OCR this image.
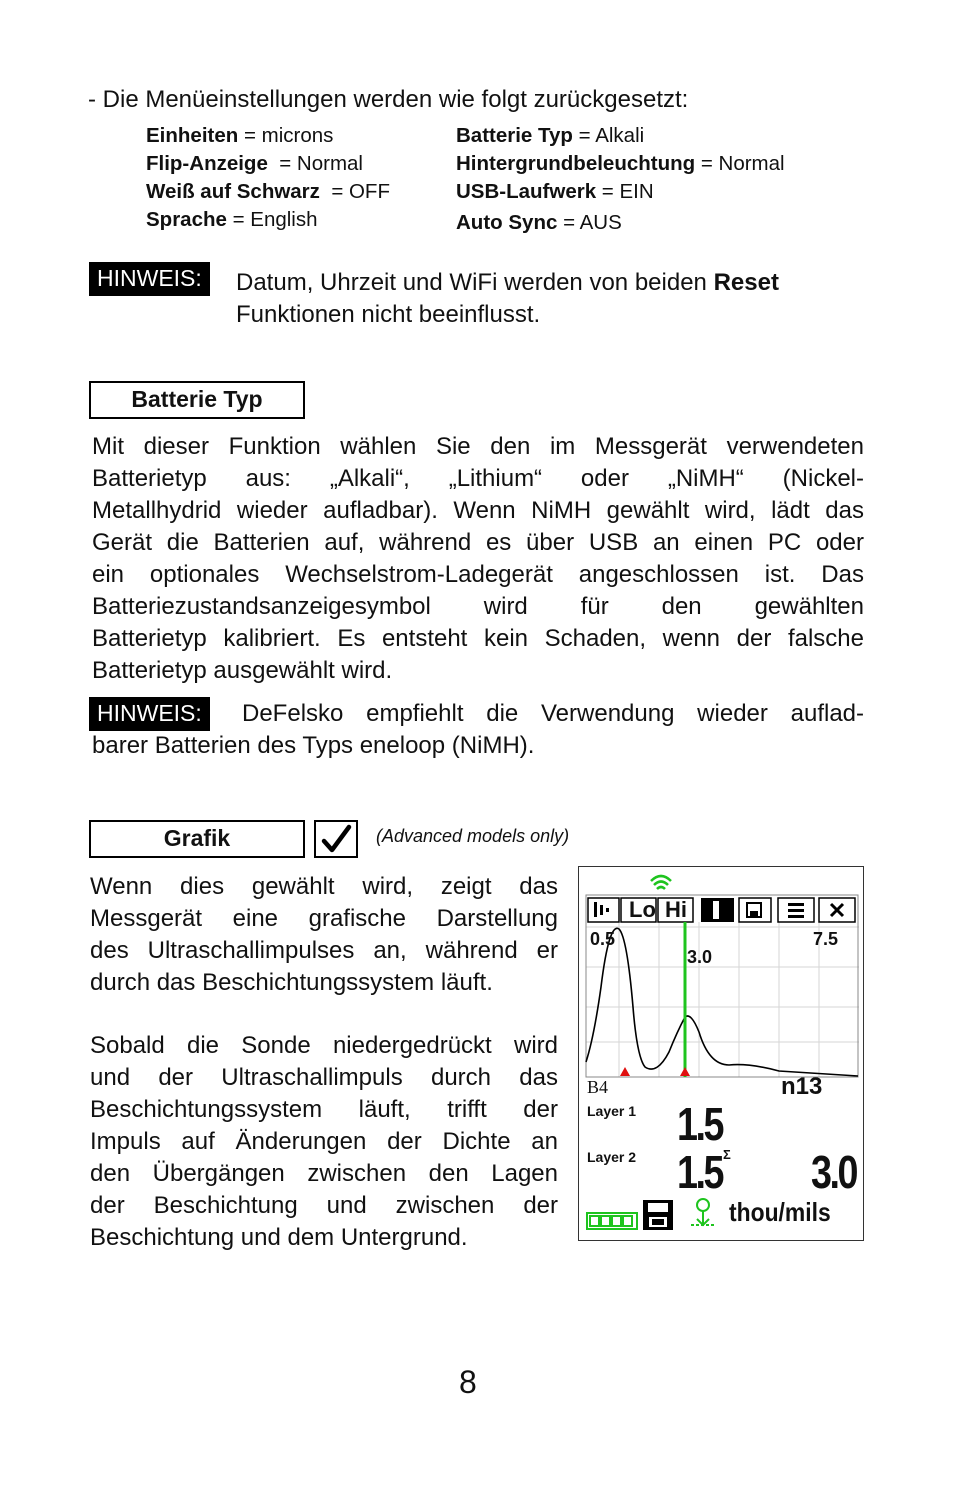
- Die Menüeinstellungen werden wie folgt zurückgesetzt:
Einheiten = microns
Flip-Anzeige  = Normal
Weiß auf Schwarz  = OFF
Sprache = English
Batterie Typ = Alkali
Hintergrundbeleuchtung = Normal
USB-Laufwerk = EIN
Auto Sync = AUS
HINWEIS:	Datum, Uhrzeit und WiFi werden von beiden Reset
Funktionen nicht beeinflusst.
Batterie Typ
Mit dieser Funktion wählen Sie den im Messgerät verwendeten
Batterietyp aus: „Alkali“, „Lithium“ oder „NiMH“ (Nickel-
Metallhydrid wieder aufladbar). Wenn NiMH gewählt wird, lädt das
Gerät die Batterien auf, während es über USB an einen PC oder
ein optionales Wechselstrom-Ladegerät angeschlossen ist. Das
Batteriezustandsanzeigesymbol wird für den gewählten
Batterietyp kalibriert. Es entsteht kein Schaden, wenn der falsche
Batterietyp ausgewählt wird.
HINWEIS:	DeFelsko empfiehlt die Verwendung wieder auflad-
barer Batterien des Typs eneloop (NiMH).
Grafik	(Advanced models only)
Wenn dies gewählt wird, zeigt das
Messgerät eine grafische Darstellung
des Ultraschallimpulses an, während er
durch das Beschichtungssystem läuft.
Sobald die Sonde niedergedrückt wird
und der Ultraschallimpuls durch das
Beschichtungssystem läuft, trifft der
Impuls auf Änderungen der Dichte an
den Übergängen zwischen den Lagen
der Beschichtung und zwischen der
Beschichtung und dem Untergrund.
Lo Hi
0.5	7.5
3.0
B4	n13
Layer 1 1.5
Layer 2 1.5 Σ 3.0
thou/mils
8
